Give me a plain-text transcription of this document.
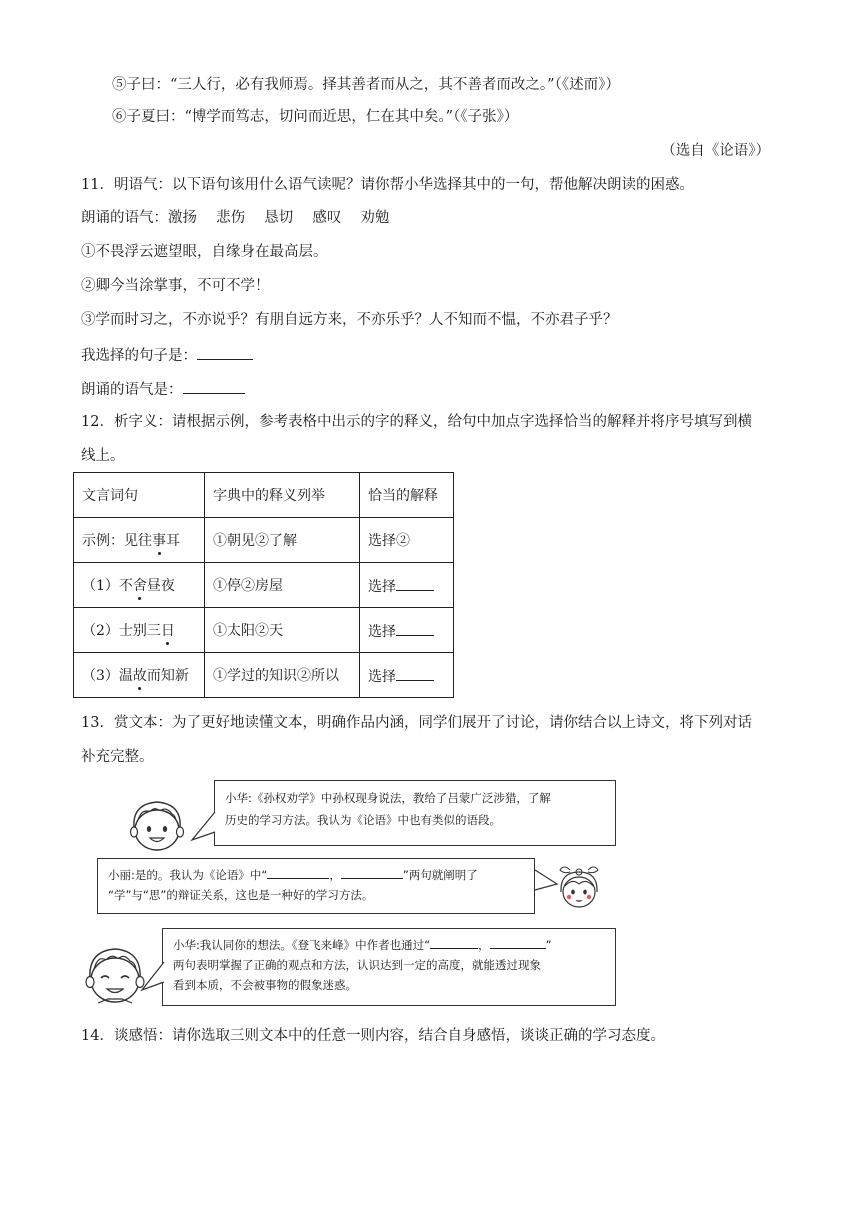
⑤子曰：“三人行，必有我师焉。择其善者而从之，其不善者而改之。”（《述而》）
⑥子夏曰：“博学而笃志，切问而近思，仁在其中矣。”（《子张》）
（选自《论语》）
11．明语气：以下语句该用什么语气读呢？请你帮小华选择其中的一句，帮他解决朗读的困惑。
朗诵的语气：激扬　 悲伤　 恳切　 感叹　 劝勉
①不畏浮云遮望眼，自缘身在最高层。
②卿今当涂掌事，不可不学！
③学而时习之，不亦说乎？有朋自远方来，不亦乐乎？人不知而不愠，不亦君子乎？
我选择的句子是：
朗诵的语气是：
12．析字义：请根据示例，参考表格中出示的字的释义，给句中加点字选择恰当的解释并将序号填写到横
线上。
文言词句	字典中的释义列举	恰当的解释
示例：见往事耳	①朝见②了解	选择②
（1）不舍昼夜	①停②房屋	选择
（2）士别三日	①太阳②天	选择
（3）温故而知新	①学过的知识②所以	选择
13．赏文本：为了更好地读懂文本，明确作品内涵，同学们展开了讨论，请你结合以上诗文，将下列对话
补充完整。
小华:《孙权劝学》中孙权现身说法，教给了吕蒙广泛涉猎，了解
历史的学习方法。我认为《论语》中也有类似的语段。
小丽:是的。我认为《论语》中“	，	”两句就阐明了
“学”与“思”的辩证关系，这也是一种好的学习方法。
小华:我认同你的想法。《登飞来峰》中作者也通过“	，	”
两句表明掌握了正确的观点和方法，认识达到一定的高度，就能透过现象
看到本质，不会被事物的假象迷惑。
14．谈感悟：请你选取三则文本中的任意一则内容，结合自身感悟，谈谈正确的学习态度。
